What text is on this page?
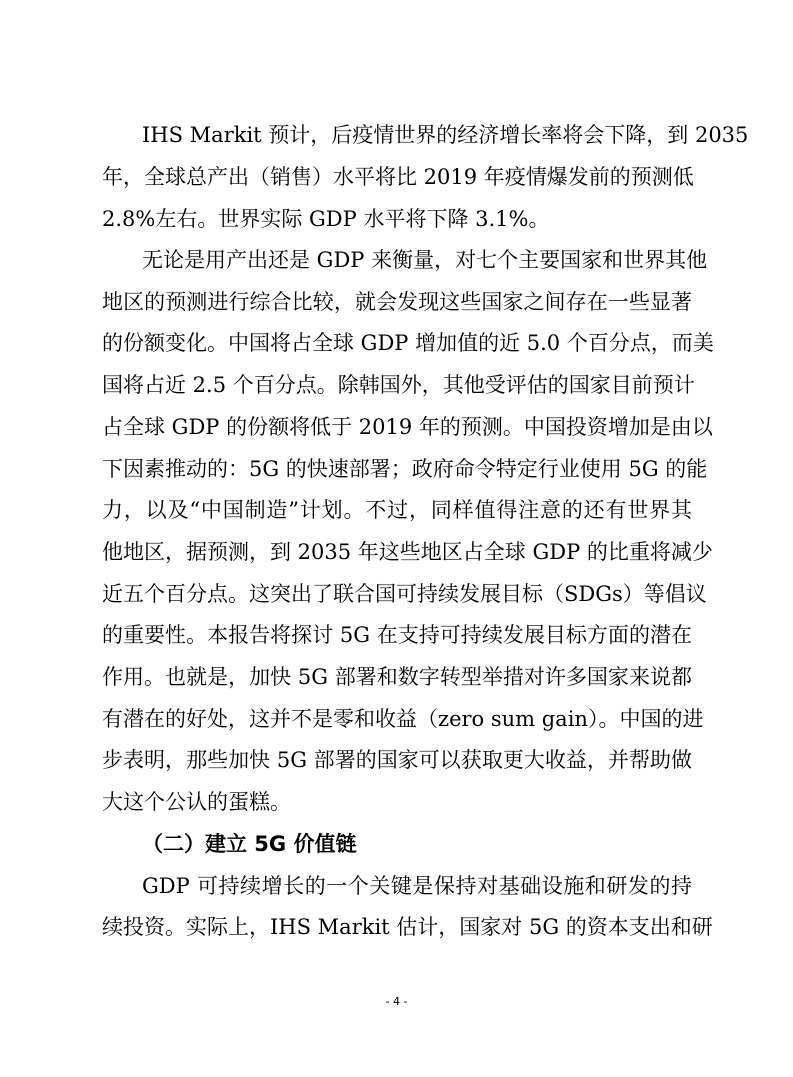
IHS Markit 预计，后疫情世界的经济增长率将会下降，到 2035
年，全球总产出（销售）水平将比 2019 年疫情爆发前的预测低
2.8%左右。世界实际 GDP 水平将下降 3.1%。
无论是用产出还是 GDP 来衡量，对七个主要国家和世界其他
地区的预测进行综合比较，就会发现这些国家之间存在一些显著
的份额变化。中国将占全球 GDP 增加值的近 5.0 个百分点，而美
国将占近 2.5 个百分点。除韩国外，其他受评估的国家目前预计
占全球 GDP 的份额将低于 2019 年的预测。中国投资增加是由以
下因素推动的：5G 的快速部署；政府命令特定行业使用 5G 的能
力，以及“中国制造”计划。不过，同样值得注意的还有世界其
他地区，据预测，到 2035 年这些地区占全球 GDP 的比重将减少
近五个百分点。这突出了联合国可持续发展目标（SDGs）等倡议
的重要性。本报告将探讨 5G 在支持可持续发展目标方面的潜在
作用。也就是，加快 5G 部署和数字转型举措对许多国家来说都
有潜在的好处，这并不是零和收益（zero sum gain）。中国的进
步表明，那些加快 5G 部署的国家可以获取更大收益，并帮助做
大这个公认的蛋糕。
（二）建立 5G 价值链
GDP 可持续增长的一个关键是保持对基础设施和研发的持
续投资。实际上，IHS Markit 估计，国家对 5G 的资本支出和研
- 4 -
